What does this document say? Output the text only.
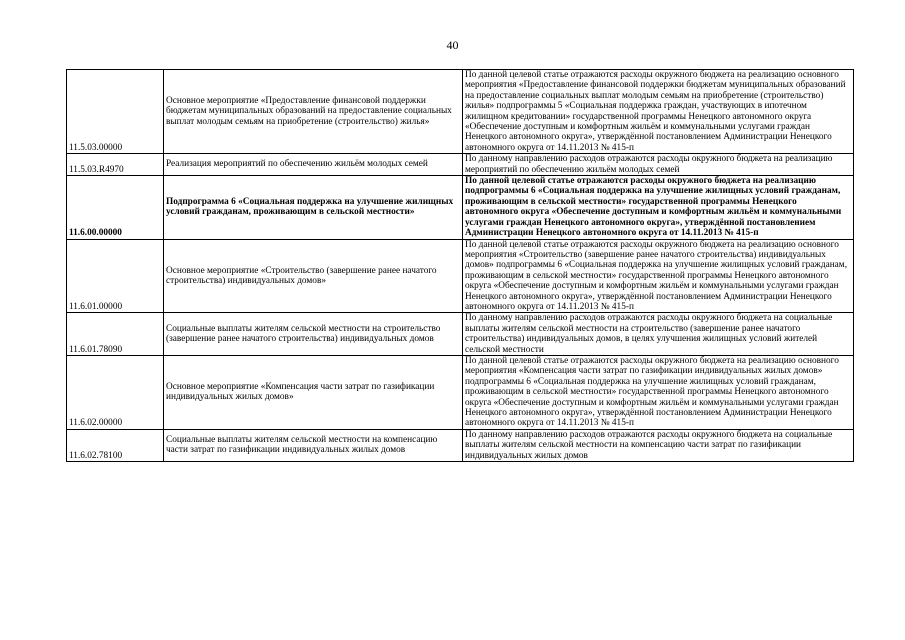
40
11.5.03.00000	Основное мероприятие «Предоставление финансовой поддержки бюджетам муниципальных образований на предоставление социальных выплат молодым семьям на приобретение (строительство) жилья»	По данной целевой статье отражаются расходы окружного бюджета на реализацию основного мероприятия «Предоставление финансовой поддержки бюджетам муниципальных образований на предоставление социальных выплат молодым семьям на приобретение (строительство) жилья» подпрограммы 5 «Социальная поддержка граждан, участвующих в ипотечном жилищном кредитовании» государственной программы Ненецкого автономного округа «Обеспечение доступным и комфортным жильём и коммунальными услугами граждан Ненецкого автономного округа», утверждённой постановлением Администрации Ненецкого автономного округа от 14.11.2013 № 415-п
11.5.03.R4970	Реализация мероприятий по обеспечению жильём молодых семей	По данному направлению расходов отражаются расходы окружного бюджета на реализацию мероприятий по обеспечению жильём молодых семей
11.6.00.00000	Подпрограмма 6 «Социальная поддержка на улучшение жилищных условий гражданам, проживающим в сельской местности»	По данной целевой статье отражаются расходы окружного бюджета на реализацию подпрограммы 6 «Социальная поддержка на улучшение жилищных условий гражданам, проживающим в сельской местности» государственной программы Ненецкого автономного округа «Обеспечение доступным и комфортным жильём и коммунальными услугами граждан Ненецкого автономного округа», утверждённой постановлением Администрации Ненецкого автономного округа от 14.11.2013 № 415-п
11.6.01.00000	Основное мероприятие «Строительство (завершение ранее начатого строительства) индивидуальных домов»	По данной целевой статье отражаются расходы окружного бюджета на реализацию основного мероприятия «Строительство (завершение ранее начатого строительства) индивидуальных домов» подпрограммы 6 «Социальная поддержка на улучшение жилищных условий гражданам, проживающим в сельской местности» государственной программы Ненецкого автономного округа «Обеспечение доступным и комфортным жильём и коммунальными услугами граждан Ненецкого автономного округа», утверждённой постановлением Администрации Ненецкого автономного округа от 14.11.2013 № 415-п
11.6.01.78090	Социальные выплаты жителям сельской местности на строительство (завершение ранее начатого строительства) индивидуальных домов	По данному направлению расходов отражаются расходы окружного бюджета на социальные выплаты жителям сельской местности на строительство (завершение ранее начатого строительства) индивидуальных домов, в целях улучшения жилищных условий жителей сельской местности
11.6.02.00000	Основное мероприятие «Компенсация части затрат по газификации индивидуальных жилых домов»	По данной целевой статье отражаются расходы окружного бюджета на реализацию основного мероприятия «Компенсация части затрат по газификации индивидуальных жилых домов» подпрограммы 6 «Социальная поддержка на улучшение жилищных условий гражданам, проживающим в сельской местности» государственной программы Ненецкого автономного округа «Обеспечение доступным и комфортным жильём и коммунальными услугами граждан Ненецкого автономного округа», утверждённой постановлением Администрации Ненецкого автономного округа от 14.11.2013 № 415-п
11.6.02.78100	Социальные выплаты жителям сельской местности на компенсацию части затрат по газификации индивидуальных жилых домов	По данному направлению расходов отражаются расходы окружного бюджета на социальные выплаты жителям сельской местности на компенсацию части затрат по газификации индивидуальных жилых домов
